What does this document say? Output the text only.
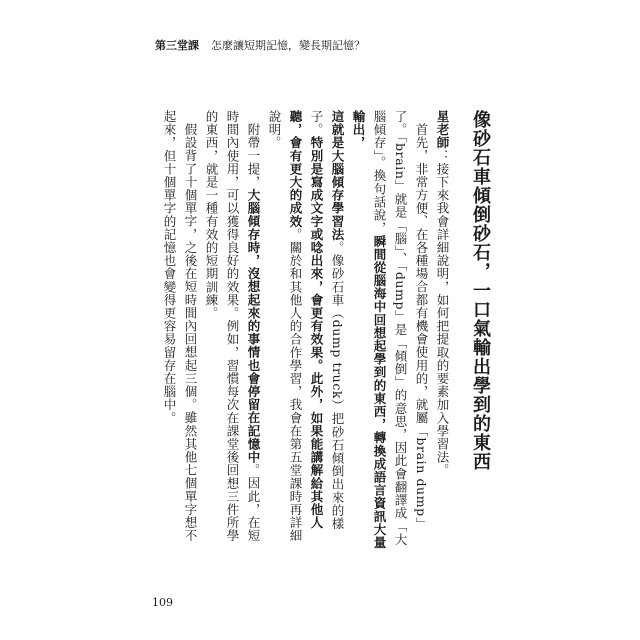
第三堂課 怎麼讓短期記憶，變長期記憶？
像砂石車傾倒砂石，一口氣輸出學到的東西

星老師：接下來我會詳細說明，如何把提取的要素加入學習法。

首先，非常方便、在各種場合都有機會使用的，就屬「brain dump」了。「brain」就是「腦」、「dump」是「傾倒」的意思，因此會翻譯成「大腦傾存」。換句話說，瞬間從腦海中回想起學到的東西，轉換成語言資訊大量輸出，

這就是大腦傾存學習法。像砂石車（dump truck）把砂石傾倒出來的樣子。特別是寫成文字或唸出來，會更有效果。此外，如果能講解給其他人聽，會有更大的成效。關於和其他人的合作學習，我會在第五堂課時再詳細說明。

附帶一提，大腦傾存時，沒想起來的事情也會停留在記憶中。因此，在短時間內使用，可以獲得良好的效果。例如，習慣每次在課堂後回想三件所學的東西，就是一種有效的短期訓練。

假設背了十個單字，之後在短時間內回想起三個。雖然其他七個單字想不起來，但十個單字的記憶也會變得更容易留存在腦中。

109
